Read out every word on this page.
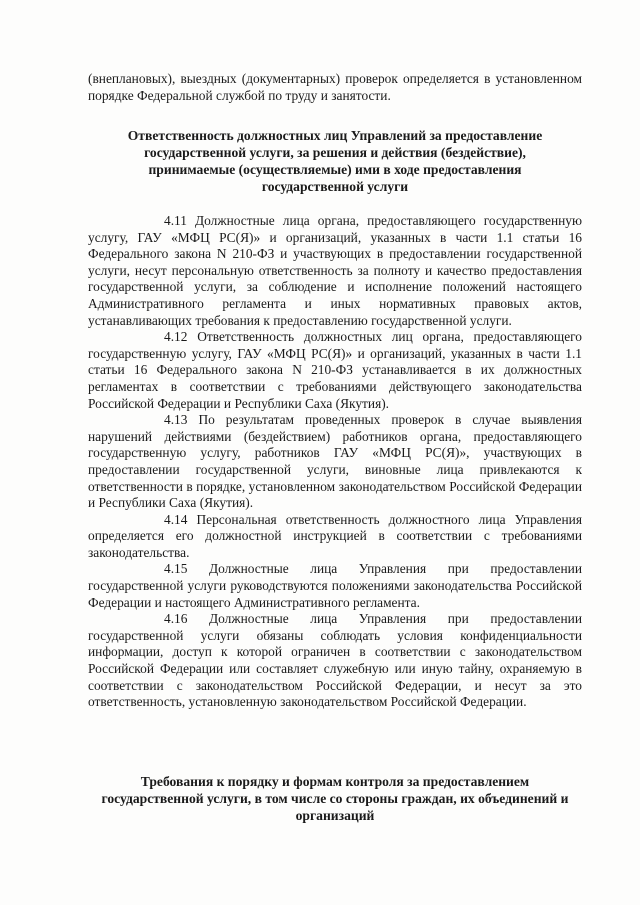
(внеплановых), выездных (документарных) проверок определяется в установленном порядке Федеральной службой по труду и занятости.

Ответственность должностных лиц Управлений за предоставление государственной услуги, за решения и действия (бездействие), принимаемые (осуществляемые) ими в ходе предоставления государственной услуги

4.11 Должностные лица органа, предоставляющего государственную услугу, ГАУ «МФЦ РС(Я)» и организаций, указанных в части 1.1 статьи 16 Федерального закона N 210-ФЗ и участвующих в предоставлении государственной услуги, несут персональную ответственность за полноту и качество предоставления государственной услуги, за соблюдение и исполнение положений настоящего Административного регламента и иных нормативных правовых актов, устанавливающих требования к предоставлению государственной услуги.

4.12 Ответственность должностных лиц органа, предоставляющего государственную услугу, ГАУ «МФЦ РС(Я)» и организаций, указанных в части 1.1 статьи 16 Федерального закона N 210-ФЗ устанавливается в их должностных регламентах в соответствии с требованиями действующего законодательства Российской Федерации и Республики Саха (Якутия).

4.13 По результатам проведенных проверок в случае выявления нарушений действиями (бездействием) работников органа, предоставляющего государственную услугу, работников ГАУ «МФЦ РС(Я)», участвующих в предоставлении государственной услуги, виновные лица привлекаются к ответственности в порядке, установленном законодательством Российской Федерации и Республики Саха (Якутия).

4.14 Персональная ответственность должностного лица Управления определяется его должностной инструкцией в соответствии с требованиями законодательства.

4.15 Должностные лица Управления при предоставлении государственной услуги руководствуются положениями законодательства Российской Федерации и настоящего Административного регламента.

4.16 Должностные лица Управления при предоставлении государственной услуги обязаны соблюдать условия конфиденциальности информации, доступ к которой ограничен в соответствии с законодательством Российской Федерации или составляет служебную или иную тайну, охраняемую в соответствии с законодательством Российской Федерации, и несут за это ответственность, установленную законодательством Российской Федерации.

Требования к порядку и формам контроля за предоставлением государственной услуги, в том числе со стороны граждан, их объединений и организаций
